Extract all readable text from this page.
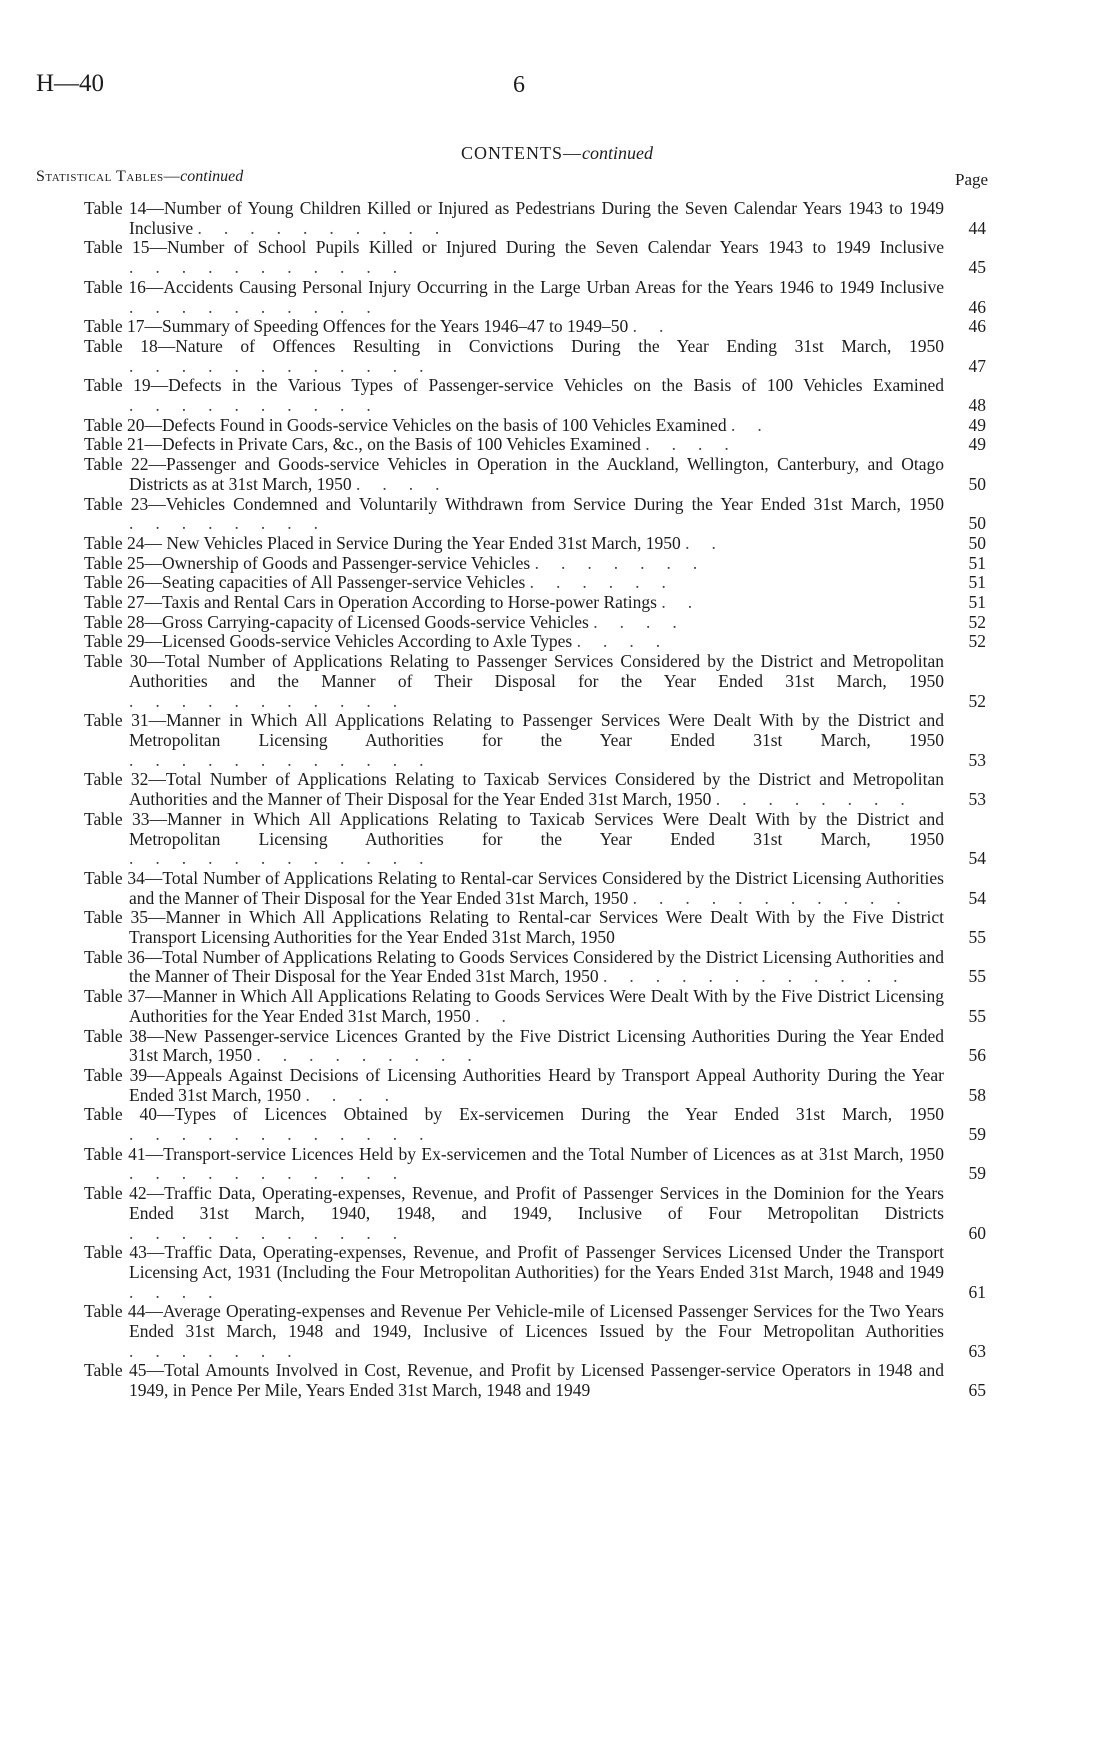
H—40	6
CONTENTS—continued
Statistical Tables—continued	Page
Table 14—Number of Young Children Killed or Injured as Pedestrians During the Seven Calendar Years 1943 to 1949 Inclusive ..........	44
Table 15—Number of School Pupils Killed or Injured During the Seven Calendar Years 1943 to 1949 Inclusive ...........	45
Table 16—Accidents Causing Personal Injury Occurring in the Large Urban Areas for the Years 1946 to 1949 Inclusive ..........	46
Table 17—Summary of Speeding Offences for the Years 1946–47 to 1949–50 ..	46
Table 18—Nature of Offences Resulting in Convictions During the Year Ending 31st March, 1950 ............	47
Table 19—Defects in the Various Types of Passenger-service Vehicles on the Basis of 100 Vehicles Examined ..........	48
Table 20—Defects Found in Goods-service Vehicles on the basis of 100 Vehicles Examined ..	49
Table 21—Defects in Private Cars, &c., on the Basis of 100 Vehicles Examined ....	49
Table 22—Passenger and Goods-service Vehicles in Operation in the Auckland, Wellington, Canterbury, and Otago Districts as at 31st March, 1950 ....	50
Table 23—Vehicles Condemned and Voluntarily Withdrawn from Service During the Year Ended 31st March, 1950 ........	50
Table 24— New Vehicles Placed in Service During the Year Ended 31st March, 1950 ..	50
Table 25—Ownership of Goods and Passenger-service Vehicles .......	51
Table 26—Seating capacities of All Passenger-service Vehicles ......	51
Table 27—Taxis and Rental Cars in Operation According to Horse-power Ratings ..	51
Table 28—Gross Carrying-capacity of Licensed Goods-service Vehicles ....	52
Table 29—Licensed Goods-service Vehicles According to Axle Types ....	52
Table 30—Total Number of Applications Relating to Passenger Services Considered by the District and Metropolitan Authorities and the Manner of Their Disposal for the Year Ended 31st March, 1950 ...........	52
Table 31—Manner in Which All Applications Relating to Passenger Services Were Dealt With by the District and Metropolitan Licensing Authorities for the Year Ended 31st March, 1950 ............	53
Table 32—Total Number of Applications Relating to Taxicab Services Considered by the District and Metropolitan Authorities and the Manner of Their Disposal for the Year Ended 31st March, 1950 ........	53
Table 33—Manner in Which All Applications Relating to Taxicab Services Were Dealt With by the District and Metropolitan Licensing Authorities for the Year Ended 31st March, 1950 ............	54
Table 34—Total Number of Applications Relating to Rental-car Services Considered by the District Licensing Authorities and the Manner of Their Disposal for the Year Ended 31st March, 1950 ...........	54
Table 35—Manner in Which All Applications Relating to Rental-car Services Were Dealt With by the Five District Transport Licensing Authorities for the Year Ended 31st March, 1950	55
Table 36—Total Number of Applications Relating to Goods Services Considered by the District Licensing Authorities and the Manner of Their Disposal for the Year Ended 31st March, 1950 ............	55
Table 37—Manner in Which All Applications Relating to Goods Services Were Dealt With by the Five District Licensing Authorities for the Year Ended 31st March, 1950 ..	55
Table 38—New Passenger-service Licences Granted by the Five District Licensing Authorities During the Year Ended 31st March, 1950 .........	56
Table 39—Appeals Against Decisions of Licensing Authorities Heard by Transport Appeal Authority During the Year Ended 31st March, 1950 ....	58
Table 40—Types of Licences Obtained by Ex-servicemen During the Year Ended 31st March, 1950 ............	59
Table 41—Transport-service Licences Held by Ex-servicemen and the Total Number of Licences as at 31st March, 1950 ...........	59
Table 42—Traffic Data, Operating-expenses, Revenue, and Profit of Passenger Services in the Dominion for the Years Ended 31st March, 1940, 1948, and 1949, Inclusive of Four Metropolitan Districts ...........	60
Table 43—Traffic Data, Operating-expenses, Revenue, and Profit of Passenger Services Licensed Under the Transport Licensing Act, 1931 (Including the Four Metropolitan Authorities) for the Years Ended 31st March, 1948 and 1949 ....	61
Table 44—Average Operating-expenses and Revenue Per Vehicle-mile of Licensed Passenger Services for the Two Years Ended 31st March, 1948 and 1949, Inclusive of Licences Issued by the Four Metropolitan Authorities .......	63
Table 45—Total Amounts Involved in Cost, Revenue, and Profit by Licensed Passenger-service Operators in 1948 and 1949, in Pence Per Mile, Years Ended 31st March, 1948 and 1949	65
